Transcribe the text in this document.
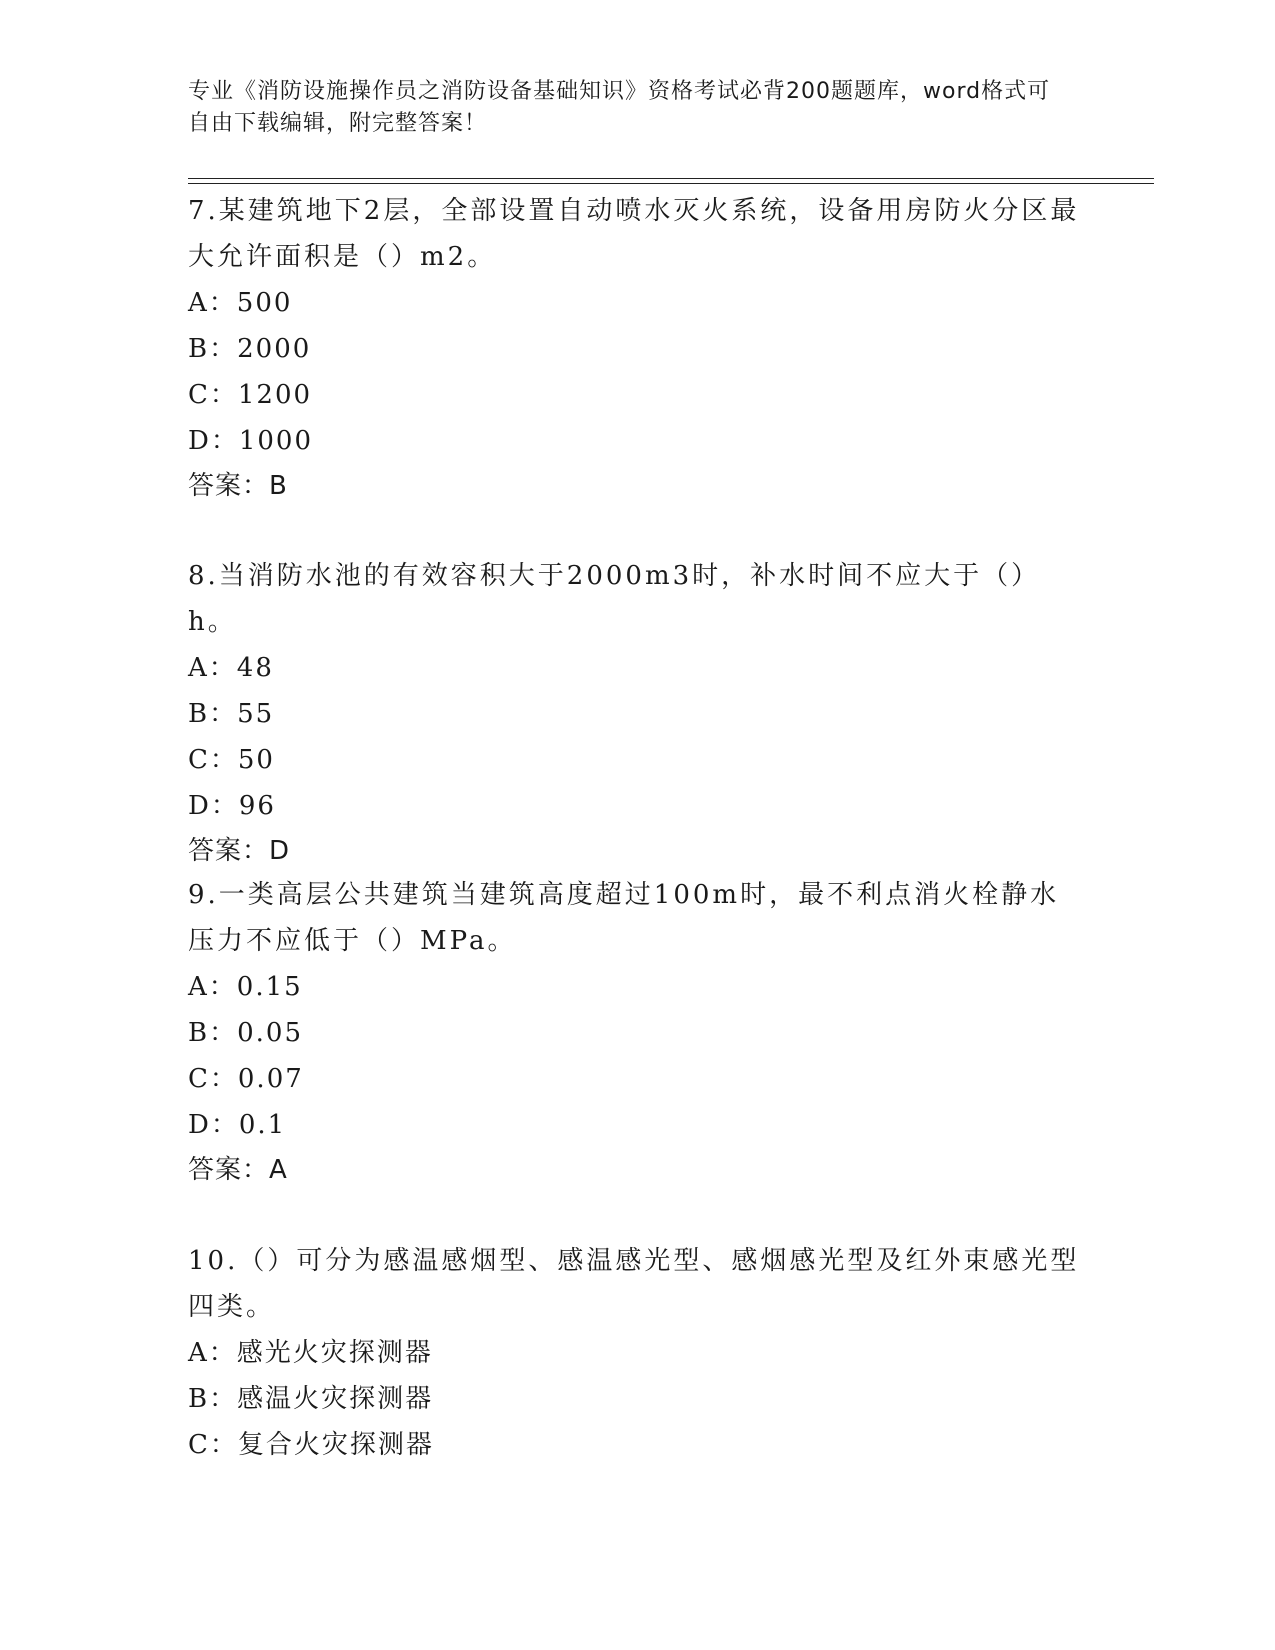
专业《消防设施操作员之消防设备基础知识》资格考试必背200题题库，word格式可自由下载编辑，附完整答案！

7.某建筑地下2层，全部设置自动喷水灭火系统，设备用房防火分区最大允许面积是（）m2。

A：500

B：2000

C：1200

D：1000

答案：B

8.当消防水池的有效容积大于2000m3时，补水时间不应大于（）h。

A：48

B：55

C：50

D：96

答案：D

9.一类高层公共建筑当建筑高度超过100m时，最不利点消火栓静水压力不应低于（）MPa。

A：0.15

B：0.05

C：0.07

D：0.1

答案：A

10.（）可分为感温感烟型、感温感光型、感烟感光型及红外束感光型四类。

A：感光火灾探测器

B：感温火灾探测器

C：复合火灾探测器
